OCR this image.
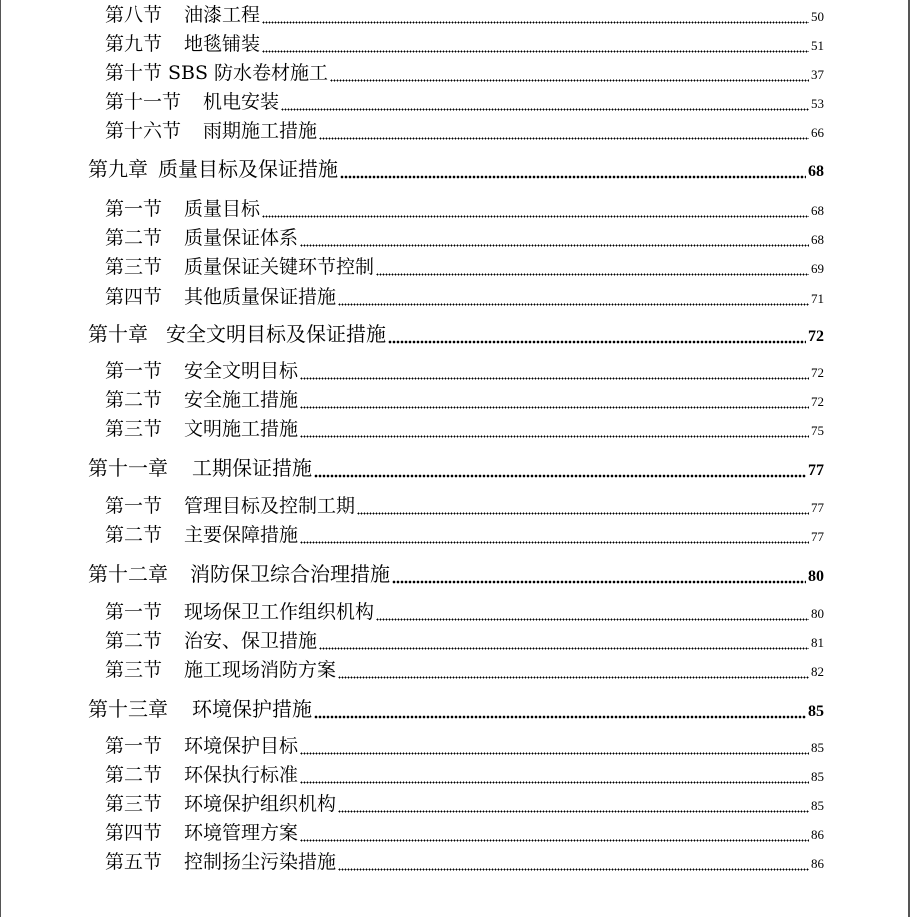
第八节	油漆工程	50
第九节	地毯铺装	51
第十节 SBS 防水卷材施工	37
第十一节	机电安装	53
第十六节	雨期施工措施	66
第九章 质量目标及保证措施	68
第一节	质量目标	68
第二节	质量保证体系	68
第三节	质量保证关键环节控制	69
第四节	其他质量保证措施	71
第十章 安全文明目标及保证措施	72
第一节	安全文明目标	72
第二节	安全施工措施	72
第三节	文明施工措施	75
第十一章	工期保证措施	77
第一节	管理目标及控制工期	77
第二节	主要保障措施	77
第十二章	消防保卫综合治理措施	80
第一节	现场保卫工作组织机构	80
第二节	治安、保卫措施	81
第三节	施工现场消防方案	82
第十三章	环境保护措施	85
第一节	环境保护目标	85
第二节	环保执行标准	85
第三节	环境保护组织机构	85
第四节	环境管理方案	86
第五节	控制扬尘污染措施	86
